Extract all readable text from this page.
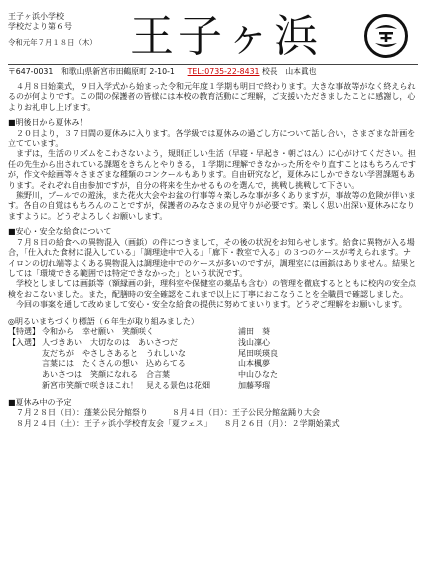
王子ヶ浜小学校
学校だより第６号
令和元年７月１８日（木） 王子ヶ浜
〒647-0031　和歌山県新宮市田鶴原町 2-10-1 　 TEL:0735-22-8431 校長　山本眞也

４月８日始業式，９日入学式から始まった令和元年度１学期も明日で終わります。大きな事故等がなく終えられるのが何よりです。この間の保護者の皆様には本校の教育活動にご理解，ご支援いただきましたことに感謝し，心よりお礼申し上げます。

■明後日から夏休み！

２０日より，３７日間の夏休みに入ります。各学級では夏休みの過ごし方について話し合い，さまざまな計画を立てています。

まずは，生活のリズムをこわさないよう，規則正しい生活（早寝・早起き・朝ごはん）に心がけてください。担任の先生から出されている課題をきちんとやりきる，１学期に理解できなかった所をやり直すことはもちろんですが，作文や絵画等々さまざまな種類のコンクールもあります。自由研究など，夏休みにしかできない学習課題もあります。それぞれ自由参加ですが，自分の将来を生かせるものを選んで，挑戦し挑戦して下さい。

熊野川，プールでの遊泳，また花火大会やお盆の行事等々楽しみな事が多くありますが，事故等の危険が伴います。各自の自覚はもちろんのことですが，保護者のみなさまの見守りが必要です。楽しく思い出深い夏休みになりますように。どうぞよろしくお願いします。

■安心・安全な給食について

７月８日の給食への異物混入（画鋲）の件につきまして，その後の状況をお知らせします。給食に異物が入る場合，「仕入れた食材に混入している」「調理途中で入る」「廊下・教室で入る」の３つのケースが考えられます。ナイロンの切れ端等よくある異物混入は調理途中でのケースが多いのですが，調理室には画鋲はありません。結果としては「環境できる範囲では特定できなかった」という状況です。

学校としましては画鋲等（額縁画の針，理科室や保健室の薬品も含む）の管理を徹底するとともに校内の安全点検をおこないました。また，配膳時の安全確認をこれまで以上に丁寧におこなうことを全職員で確認しました。

今回の事案を通して改めまして安心・安全な給食の提供に努めてまいります。どうぞご理解をお願いします。

◎明るいまちづくり標語（６年生が取り組みました）

【特選】 令和から　幸せ願い　笑顔咲く	浦田　葵
【入選】 人づきあい　大切なのは　あいさつだ	浅山凜心
友だちが　やさしさあると　うれしいな	尾田咲瑛良
言葉には　たくさんの想い　込めらてる	山本楓夢
あいさつは　笑顔になれる　合言葉	中山ひなた
新宮市笑顔で咲きほこれ！　見える景色は花畑	加藤琴瑠

■夏休み中の予定

７月２８日（日）：蓬莱公民分館祭り　　　８月４日（日）：王子公民分館盆踊り大会

８月２４日（土）：王子ヶ浜小学校育友会「夏フェス」　　８月２６日（月）：２学期始業式
